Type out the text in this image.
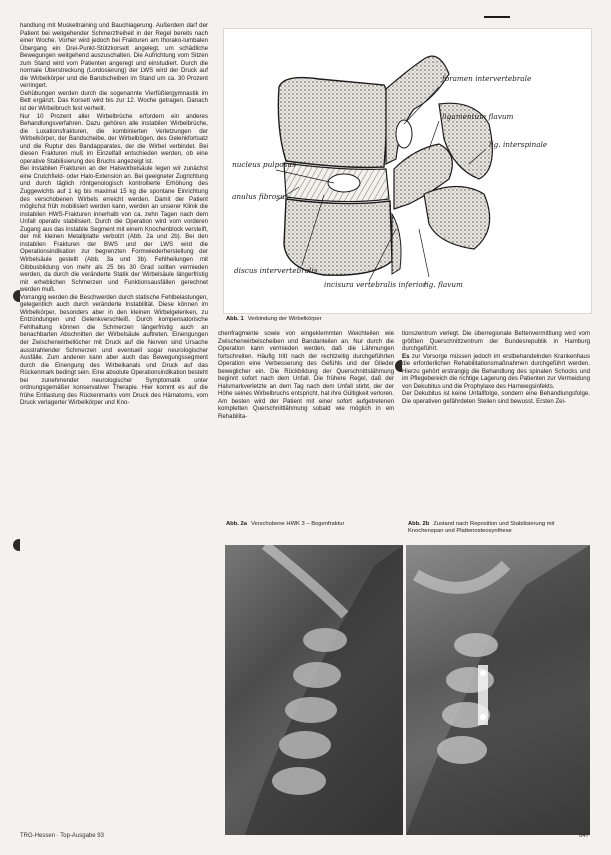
handlung mit Muskeltraining und Bauchlagerung. Außerdem darf der Patient bei weitgehender Schmerzfreiheit in der Regel bereits nach einer Woche. Vorher wird jedoch bei Frakturen am thorako-lumbalen Übergang ein Drei-Punkt-Stützkorsett angelegt, um schädliche Bewegungen weitgehend auszuschalten. Die Aufrichtung vom Sitzen zum Stand wird vom Patienten angeregt und einstudiert. Durch die normale Überstreckung (Lordosierung) der LWS wird der Druck auf die Wirbelkörper und die Bandscheiben im Stand um ca. 30 Prozent verringert.

Gehübungen werden durch die sogenannte Vierfüßlergymnastik im Bett ergänzt. Das Korsett wird bis zur 12. Woche getragen. Danach ist der Wirbelbruch fest verheilt.

Nur 10 Prozent aller Wirbelbrüche erfordern ein anderes Behandlungsverfahren. Dazu gehören alle instabilen Wirbelbrüche, die Luxationsfrakturen, die kombinierten Verletzungen der Wirbelkörper, der Bandscheibe, der Wirbelbögen, des Gelenkfortsatz und die Ruptur des Bandapparates, der die Wirbel verbindet. Bei diesen Frakturen muß im Einzelfall entschieden werden, ob eine operative Stabilisierung des Bruchs angezeigt ist.

Bei instabilen Frakturen an der Halswirbelsäule legen wir zunächst eine Crutchfield- oder Halo-Extension an. Bei geeigneter Zugrichtung und durch täglich röntgenologisch kontrollierte Erhöhung des Zuggewichts auf 1 kg bis maximal 15 kg die spontane Einrichtung des verschobenen Wirbels erreicht werden. Damit der Patient möglichst früh mobilisiert werden kann, werden an unserer Klinik die instabilen HWS-Frakturen innerhalb von ca. zehn Tagen nach dem Unfall operativ stabilisiert. Durch die Operation wird vom vorderen Zugang aus das instabile Segment mit einem Knochenblock versteift, der mit kleinen Metallplatte verbolzt (Abb. 2a und 2b). Bei den instabilen Frakturen der BWS und der LWS wird die Operationsindikation zur begrenzten Formwiederherstellung der Wirbelsäule gestellt (Abb. 3a und 3b). Fehlheilungen mit Gibbusbildung von mehr als 25 bis 30 Grad sollten vermieden werden, da durch die veränderte Statik der Wirbelsäule längerfristig mit erheblichen Schmerzen und Funktionsausfällen gerechnet werden muß.

Vorrangig werden die Beschwerden durch statische Fehlbelastungen, gelegentlich auch durch veränderte Instabilität. Diese können im Wirbelkörper, besonders aber in den kleinen Wirbelgelenken, zu Entzündungen und Gelenkverschleiß. Durch kompensatorische Fehlhaltung können die Schmerzen längerfristig auch an benachbarten Abschnitten der Wirbelsäule auftreten. Einengungen der Zwischenwirbellöcher mit Druck auf die Nerven sind Ursache ausstrahlender Schmerzen und eventuell sogar neurologischer Ausfälle. Zum anderen kann aber auch das Bewegungssegment durch die Einengung des Wirbelkanals und Druck auf das Rückenmark bedingt sein. Eine absolute Operationsindikation besteht bei zunehmender neurologischer Symptomatik unter ordnungsgemäßer konservativer Therapie. Hier kommt es auf die frühe Entlastung des Rückenmarks vom Druck des Hämatoms, vom Druck verlagerter Wirbelkörper und Kno-

foramen intervertebrale
ligamentum flavum
lig. interspinale
nucleus pulposus
anulus fibrosus
discus intervertebralis
incisura vertebralis inferior
lig. flavum
Abb. 1 Verbindung der Wirbelkörper

chenfragmente sowie von eingeklemmten Weichteilen wie Zwischenwirbelscheiben und Bandanteilen an. Nur durch die Operation kann vermieden werden, daß die Lähmungen fortschreiten. Häufig tritt nach der rechtzeitig durchgeführten Operation eine Verbesserung des Gefühls und der Glieder beweglicher ein. Die Rückbildung der Querschnittslähmung beginnt sofort nach dem Unfall. Die frühere Regel, daß der Halsmarkverletzte an dem Tag nach dem Unfall stirbt, der der Höhe seines Wirbelbruchs entspricht, hat ihre Gültigkeit verloren. Am besten wird der Patient mit einer sofort aufgetretenen kompletten Querschnittlähmung sobald wie möglich in ein Rehabilita-

tionszentrum verlegt. Die überregionale Bettenvermittlung wird vom größten Querschnittzentrum der Bundesrepublik in Hamburg durchgeführt.

Es zur Vorsorge müssen jedoch im erstbehandelnden Krankenhaus die erforderlichen Rehabilitationsmaßnahmen durchgeführt werden. Hierzu gehört erstrangig die Behandlung des spinalen Schocks und im Pflegebereich die richtige Lagerung des Patienten zur Vermeidung von Dekubitus und die Prophylaxe des Harnwegsinfekts.

Der Dekubitus ist keine Unfallfolge, sondern eine Behandlungsfolge. Die operativen gefährdeten Stellen sind bewusst. Ersten Zei-

Abb. 2a Verschobene HWK 3 – Bogenfraktur	Abb. 2b Zustand nach Reposition und Stabilisierung mit Knochenspan und Plattenosteosynthese
TRG-Hessen · Top-Ausgabe 93	647
